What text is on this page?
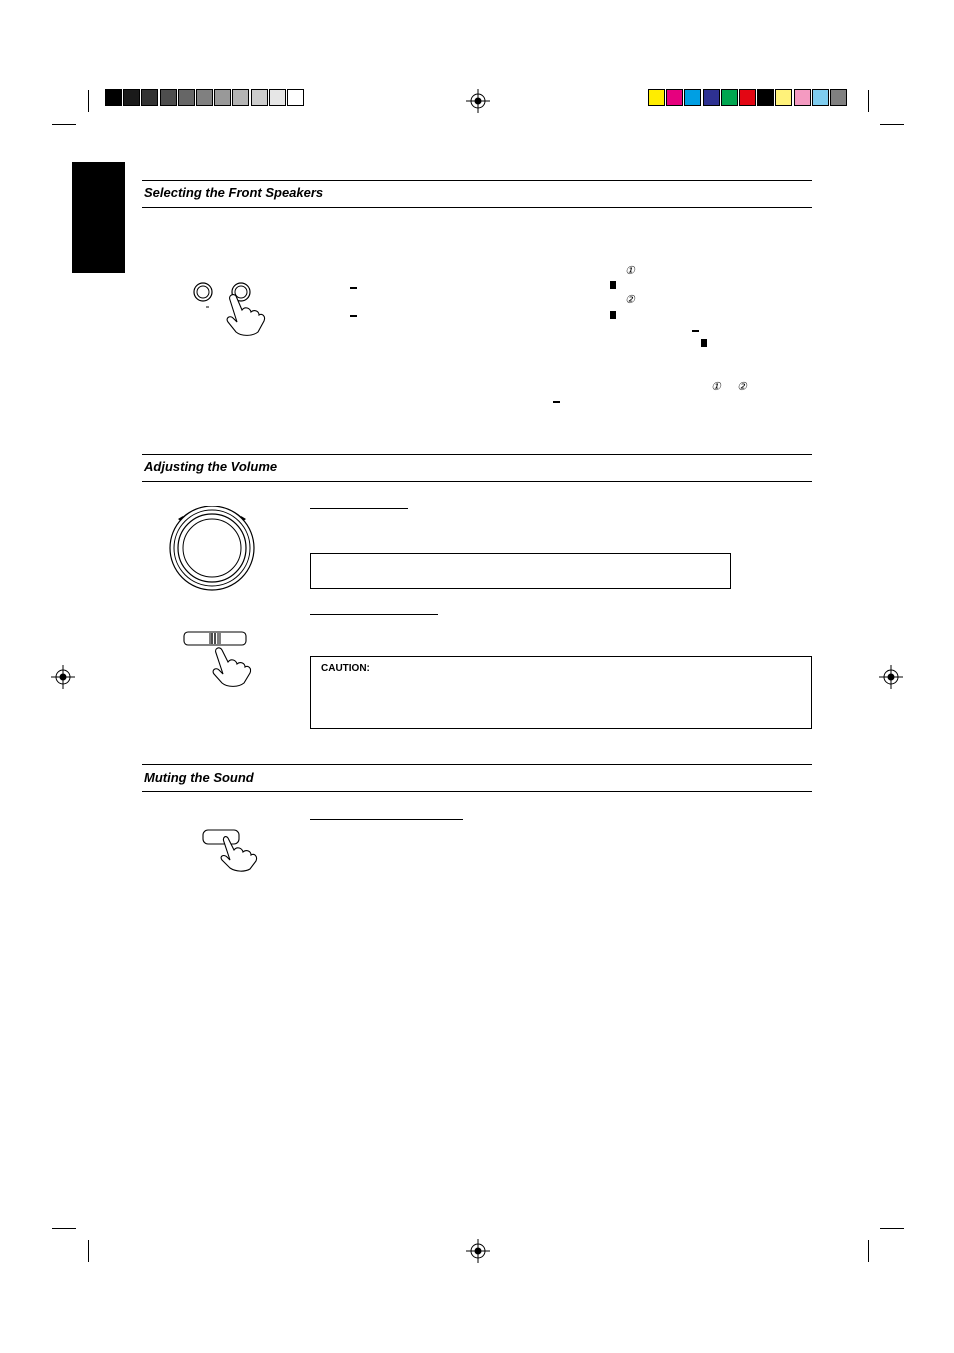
Selecting the Front Speakers
①
②
① ②
Adjusting the Volume
CAUTION:
Muting the Sound
